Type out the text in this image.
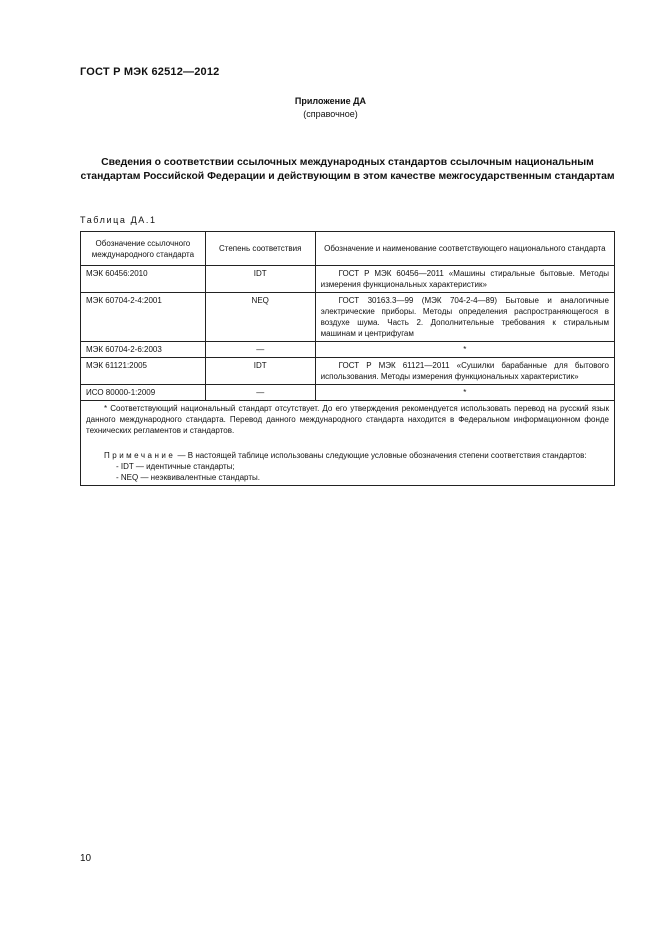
ГОСТ Р МЭК 62512—2012
Приложение ДА
(справочное)
Сведения о соответствии ссылочных международных стандартов ссылочным национальным стандартам Российской Федерации и действующим в этом качестве межгосударственным стандартам
Таблица ДА.1
Обозначение ссылочного международного стандарта	Степень соответствия	Обозначение и наименование соответствующего национального стандарта
МЭК 60456:2010	IDT	ГОСТ Р МЭК 60456—2011 «Машины стиральные бытовые. Методы измерения функциональных характеристик»
МЭК 60704-2-4:2001	NEQ	ГОСТ 30163.3—99 (МЭК 704-2-4—89) Бытовые и аналогичные электрические приборы. Методы определения распространяющегося в воздухе шума. Часть 2. Дополнительные требования к стиральным машинам и центрифугам
МЭК 60704-2-6:2003	—	*
МЭК 61121:2005	IDT	ГОСТ Р МЭК 61121—2011 «Сушилки барабанные для бытового использования. Методы измерения функциональных характеристик»
ИСО 80000-1:2009	—	*

* Соответствующий национальный стандарт отсутствует. До его утверждения рекомендуется использовать перевод на русский язык данного международного стандарта. Перевод данного международного стандарта находится в Федеральном информационном фонде технических регламентов и стандартов.

Примечание — В настоящей таблице использованы следующие условные обозначения степени соответствия стандартов:

- IDT — идентичные стандарты;

- NEQ — неэквивалентные стандарты.		

10
